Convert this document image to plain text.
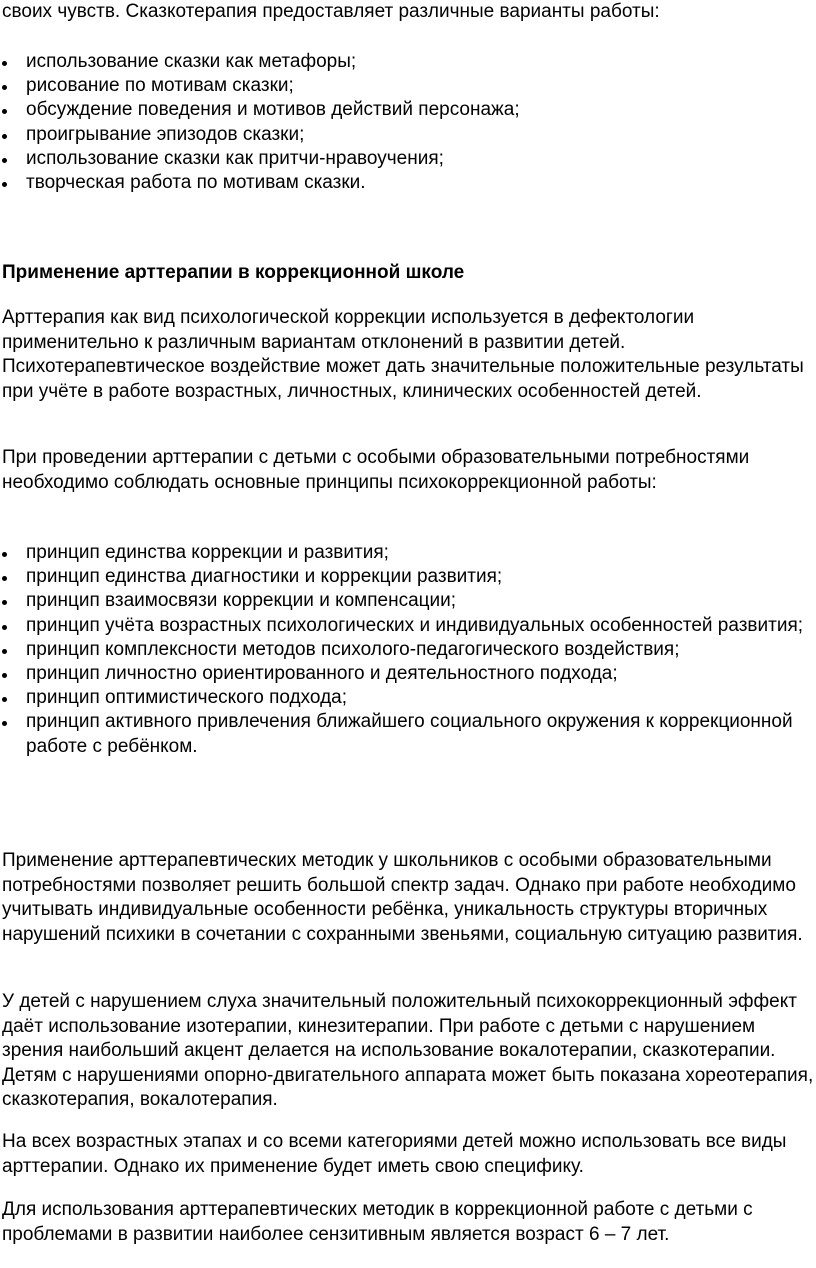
своих чувств. Сказкотерапия предоставляет различные варианты работы:

использование сказки как метафоры;
рисование по мотивам сказки;
обсуждение поведения и мотивов действий персонажа;
проигрывание эпизодов сказки;
использование сказки как притчи-нравоучения;
творческая работа по мотивам сказки.
Применение арттерапии в коррекционной школе

Арттерапия как вид психологической коррекции используется в дефектологии применительно к различным вариантам отклонений в развитии детей. Психотерапевтическое воздействие может дать значительные положительные результаты при учёте в работе возрастных, личностных, клинических особенностей детей.

При проведении арттерапии с детьми с особыми образовательными потребностями необходимо соблюдать основные принципы психокоррекционной работы:

принцип единства коррекции и развития;
принцип единства диагностики и коррекции развития;
принцип взаимосвязи коррекции и компенсации;
принцип учёта возрастных психологических и индивидуальных особенностей развития;
принцип комплексности методов психолого-педагогического воздействия;
принцип личностно ориентированного и деятельностного подхода;
принцип оптимистического подхода;
принцип активного привлечения ближайшего социального окружения к коррекционной работе с ребёнком.

Применение арттерапевтических методик у школьников с особыми образовательными потребностями позволяет решить большой спектр задач. Однако при работе необходимо учитывать индивидуальные особенности ребёнка, уникальность структуры вторичных нарушений психики в сочетании с сохранными звеньями, социальную ситуацию развития.

У детей с нарушением слуха значительный положительный психокоррекционный эффект даёт использование изотерапии, кинезитерапии. При работе с детьми с нарушением зрения наибольший акцент делается на использование вокалотерапии, сказкотерапии. Детям с нарушениями опорно-двигательного аппарата может быть показана хореотерапия, сказкотерапия, вокалотерапия.

На всех возрастных этапах и со всеми категориями детей можно использовать все виды арттерапии. Однако их применение будет иметь свою специфику.

Для использования арттерапевтических методик в коррекционной работе с детьми с проблемами в развитии наиболее сензитивным является возраст 6 – 7 лет.
